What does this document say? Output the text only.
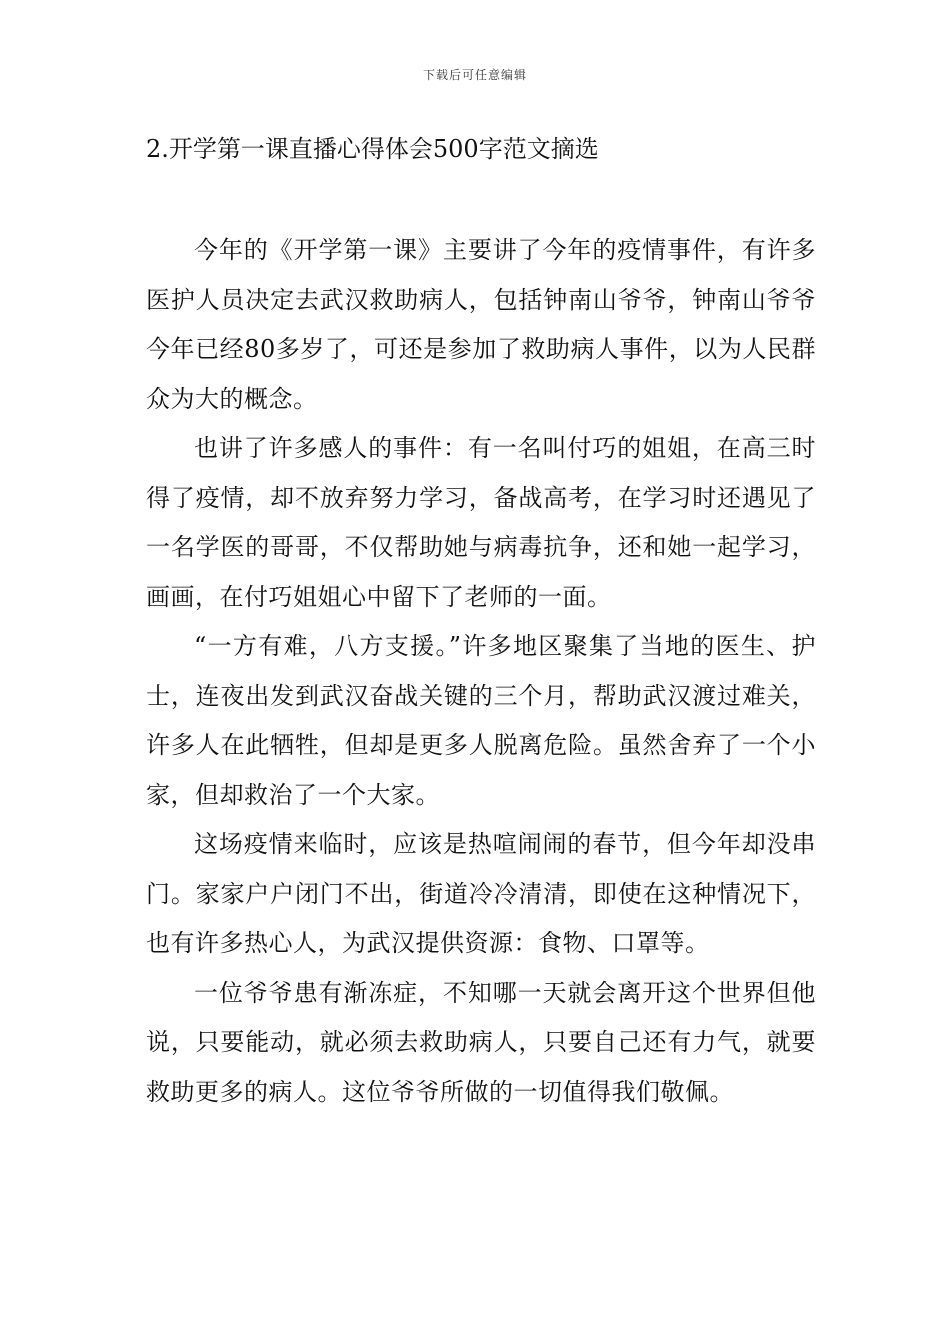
下载后可任意编辑
2.开学第一课直播心得体会500字范文摘选

今年的《开学第一课》主要讲了今年的疫情事件，有许多医护人员决定去武汉救助病人，包括钟南山爷爷，钟南山爷爷今年已经80多岁了，可还是参加了救助病人事件，以为人民群众为大的概念。

也讲了许多感人的事件：有一名叫付巧的姐姐，在高三时得了疫情，却不放弃努力学习，备战高考，在学习时还遇见了一名学医的哥哥，不仅帮助她与病毒抗争，还和她一起学习，画画，在付巧姐姐心中留下了老师的一面。

“一方有难，八方支援。”许多地区聚集了当地的医生、护士，连夜出发到武汉奋战关键的三个月，帮助武汉渡过难关，许多人在此牺牲，但却是更多人脱离危险。虽然舍弃了一个小家，但却救治了一个大家。

这场疫情来临时，应该是热喧闹闹的春节，但今年却没串门。家家户户闭门不出，街道冷冷清清，即使在这种情况下，也有许多热心人，为武汉提供资源：食物、口罩等。

一位爷爷患有渐冻症，不知哪一天就会离开这个世界但他说，只要能动，就必须去救助病人，只要自己还有力气，就要救助更多的病人。这位爷爷所做的一切值得我们敬佩。
